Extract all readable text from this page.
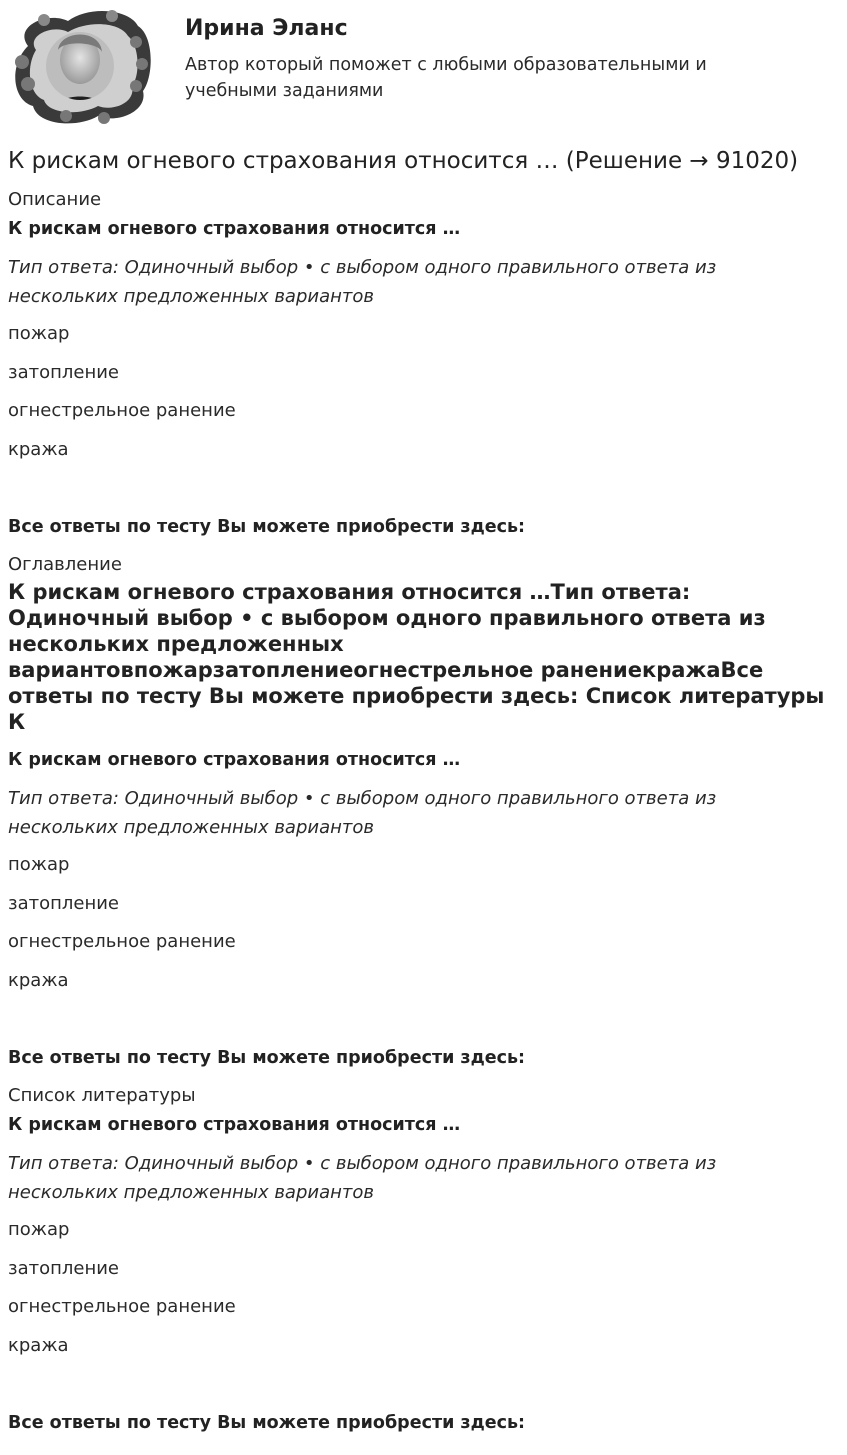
Ирина Эланс
Автор который поможет с любыми образовательными и учебными заданиями
К рискам огневого страхования относится … (Решение → 91020)
Описание
К рискам огневого страхования относится …
Тип ответа: Одиночный выбор • с выбором одного правильного ответа из нескольких предложенных вариантов
пожар
затопление
огнестрельное ранение
кража
Все ответы по тесту Вы можете приобрести здесь:
Оглавление
К рискам огневого страхования относится …Тип ответа: Одиночный выбор • с выбором одного правильного ответа из нескольких предложенных вариантовпожарзатоплениеогнестрельное ранениекражаВсе ответы по тесту Вы можете приобрести здесь: Список литературы К
К рискам огневого страхования относится …
Тип ответа: Одиночный выбор • с выбором одного правильного ответа из нескольких предложенных вариантов
пожар
затопление
огнестрельное ранение
кража
Все ответы по тесту Вы можете приобрести здесь:
Список литературы
К рискам огневого страхования относится …
Тип ответа: Одиночный выбор • с выбором одного правильного ответа из нескольких предложенных вариантов
пожар
затопление
огнестрельное ранение
кража
Все ответы по тесту Вы можете приобрести здесь:
